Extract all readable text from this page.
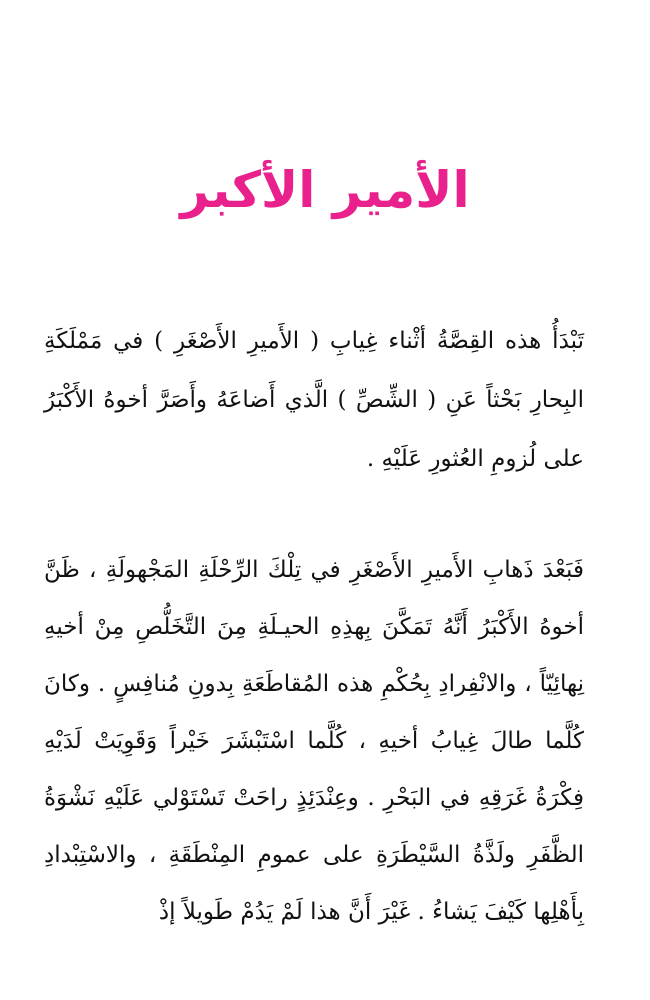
الأمير الأكبر

تَبْدَأُ هذه القِصَّةُ أثْناء غِيابِ ( الأَميرِ الأَصْغَرِ ) في مَمْلَكَةِ البِحارِ بَحْثاً عَنِ ( الشِّصِّ ) الَّذي أَضاعَهُ وأَصَرَّ أخوهُ الأَكْبَرُ على لُزومِ العُثورِ عَلَيْهِ .

فَبَعْدَ ذَهابِ الأَميرِ الأَصْغَرِ في تِلْكَ الرِّحْلَةِ المَجْهولَةِ ، ظَنَّ أخوهُ الأَكْبَرُ أَنَّهُ تَمَكَّنَ بِهذِهِ الحيـلَةِ مِنَ التَّخَلُّصِ مِنْ أخيهِ نِهائِيّاً ، والانْفِرادِ بِحُكْمِ هذه المُقاطَعَةِ بِدونِ مُنافِسٍ . وكانَ كُلَّما طالَ غِيابُ أخيهِ ، كُلَّما اسْتَبْشَرَ خَيْراً وَقَوِيَتْ لَدَيْهِ فِكْرَةُ غَرَقِهِ في البَحْرِ . وعِنْدَئِذٍ راحَتْ تَسْتَوْلي عَلَيْهِ نَشْوَةُ الظَّفَرِ ولَذَّةُ السَّيْطَرَةِ على عمومِ المِنْطَقَةِ ، والاسْتِبْدادِ بِأَهْلِها كَيْفَ يَشاءُ . غَيْرَ أَنَّ هذا لَمْ يَدُمْ طَويلاً إذْ
